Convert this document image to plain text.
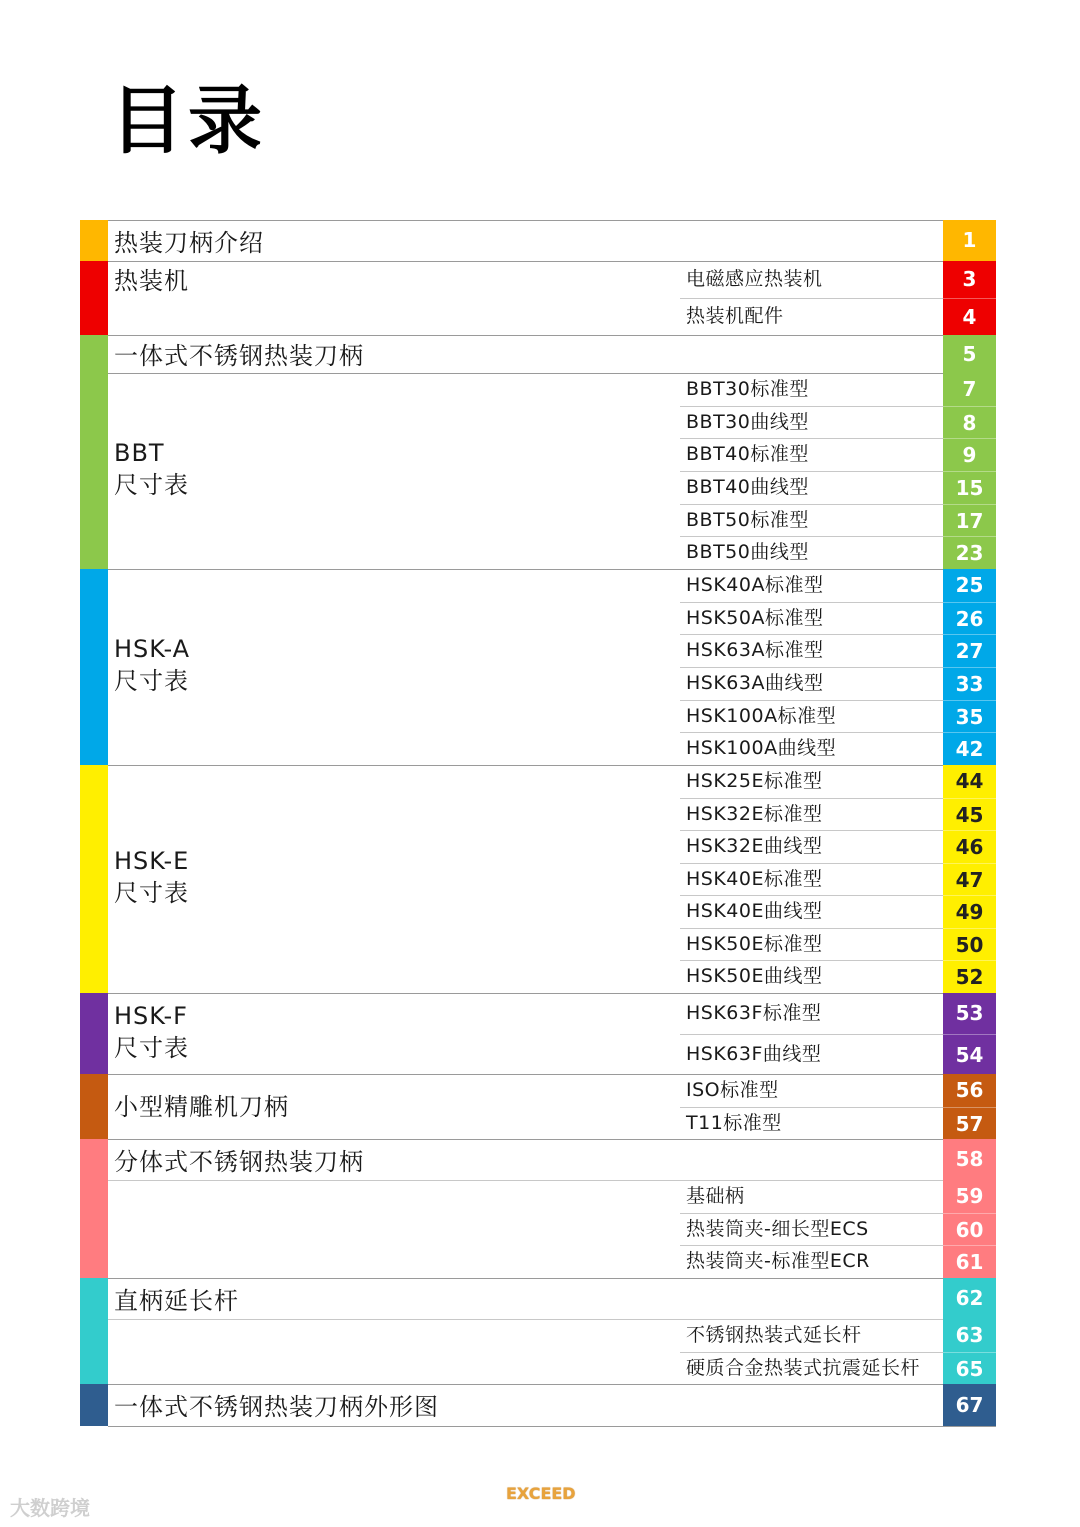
目录
热装刀柄介绍	1
热装机	电磁感应热装机	3
热装机配件	4
一体式不锈钢热装刀柄	5
BBT
尺寸表
BBT30标准型	7
BBT30曲线型	8
BBT40标准型	9
BBT40曲线型	15
BBT50标准型	17
BBT50曲线型	23
HSK-A
尺寸表
HSK40A标准型	25
HSK50A标准型	26
HSK63A标准型	27
HSK63A曲线型	33
HSK100A标准型	35
HSK100A曲线型	42
HSK-E
尺寸表
HSK25E标准型	44
HSK32E标准型	45
HSK32E曲线型	46
HSK40E标准型	47
HSK40E曲线型	49
HSK50E标准型	50
HSK50E曲线型	52
HSK-F
尺寸表
HSK63F标准型	53
HSK63F曲线型	54
小型精雕机刀柄
ISO标准型	56
T11标准型	57
分体式不锈钢热装刀柄	58
基础柄	59
热装筒夹-细长型ECS	60
热装筒夹-标准型ECR	61
直柄延长杆	62
不锈钢热装式延长杆	63
硬质合金热装式抗震延长杆	65
一体式不锈钢热装刀柄外形图	67
EXCEED
大数跨境
